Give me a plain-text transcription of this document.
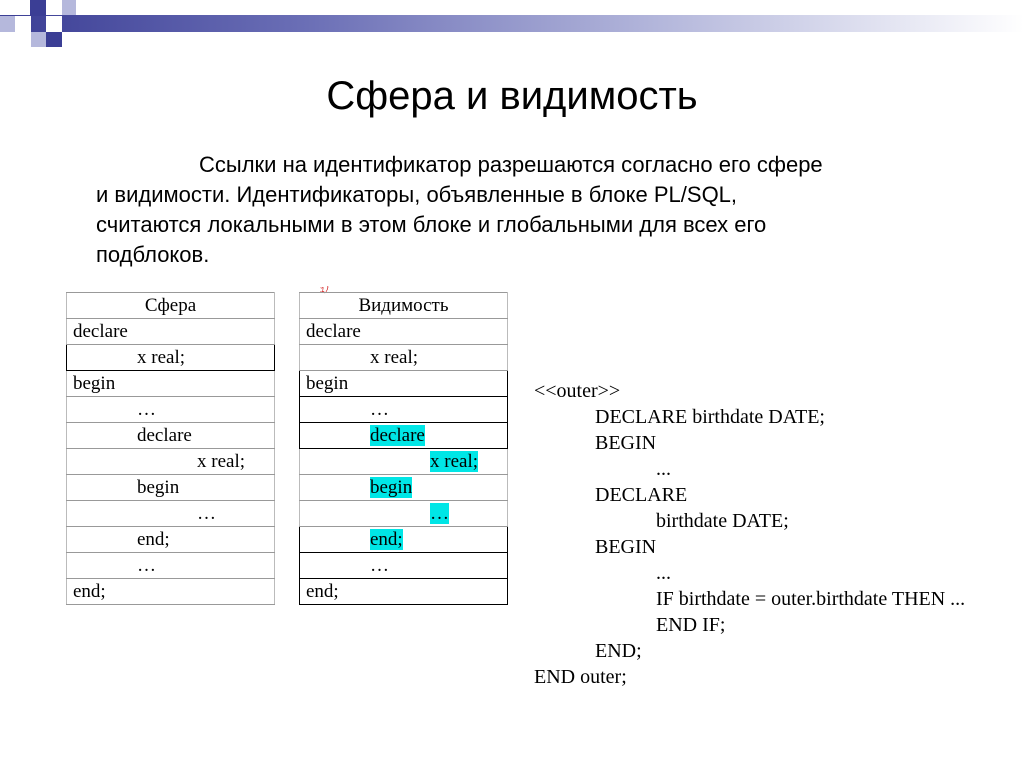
Сфера и видимость
Ссылки на идентификатор разрешаются согласно его сфере
и видимости. Идентификаторы, объявленные в блоке PL/SQL,
считаются локальными в этом блоке и глобальными для всех его
подблоков.
ﾕﾉ
Сфера
declare
x real;
begin
…
declare
x real;
begin
…
end;
…
end;
Видимость
declare
x real;
begin
…
declare
x real;
begin
…
end;
…
end;
<<outer>>
DECLARE birthdate DATE;
BEGIN
...
DECLARE
birthdate DATE;
BEGIN
...
IF birthdate = outer.birthdate THEN ...
END IF;
END;
END outer;
